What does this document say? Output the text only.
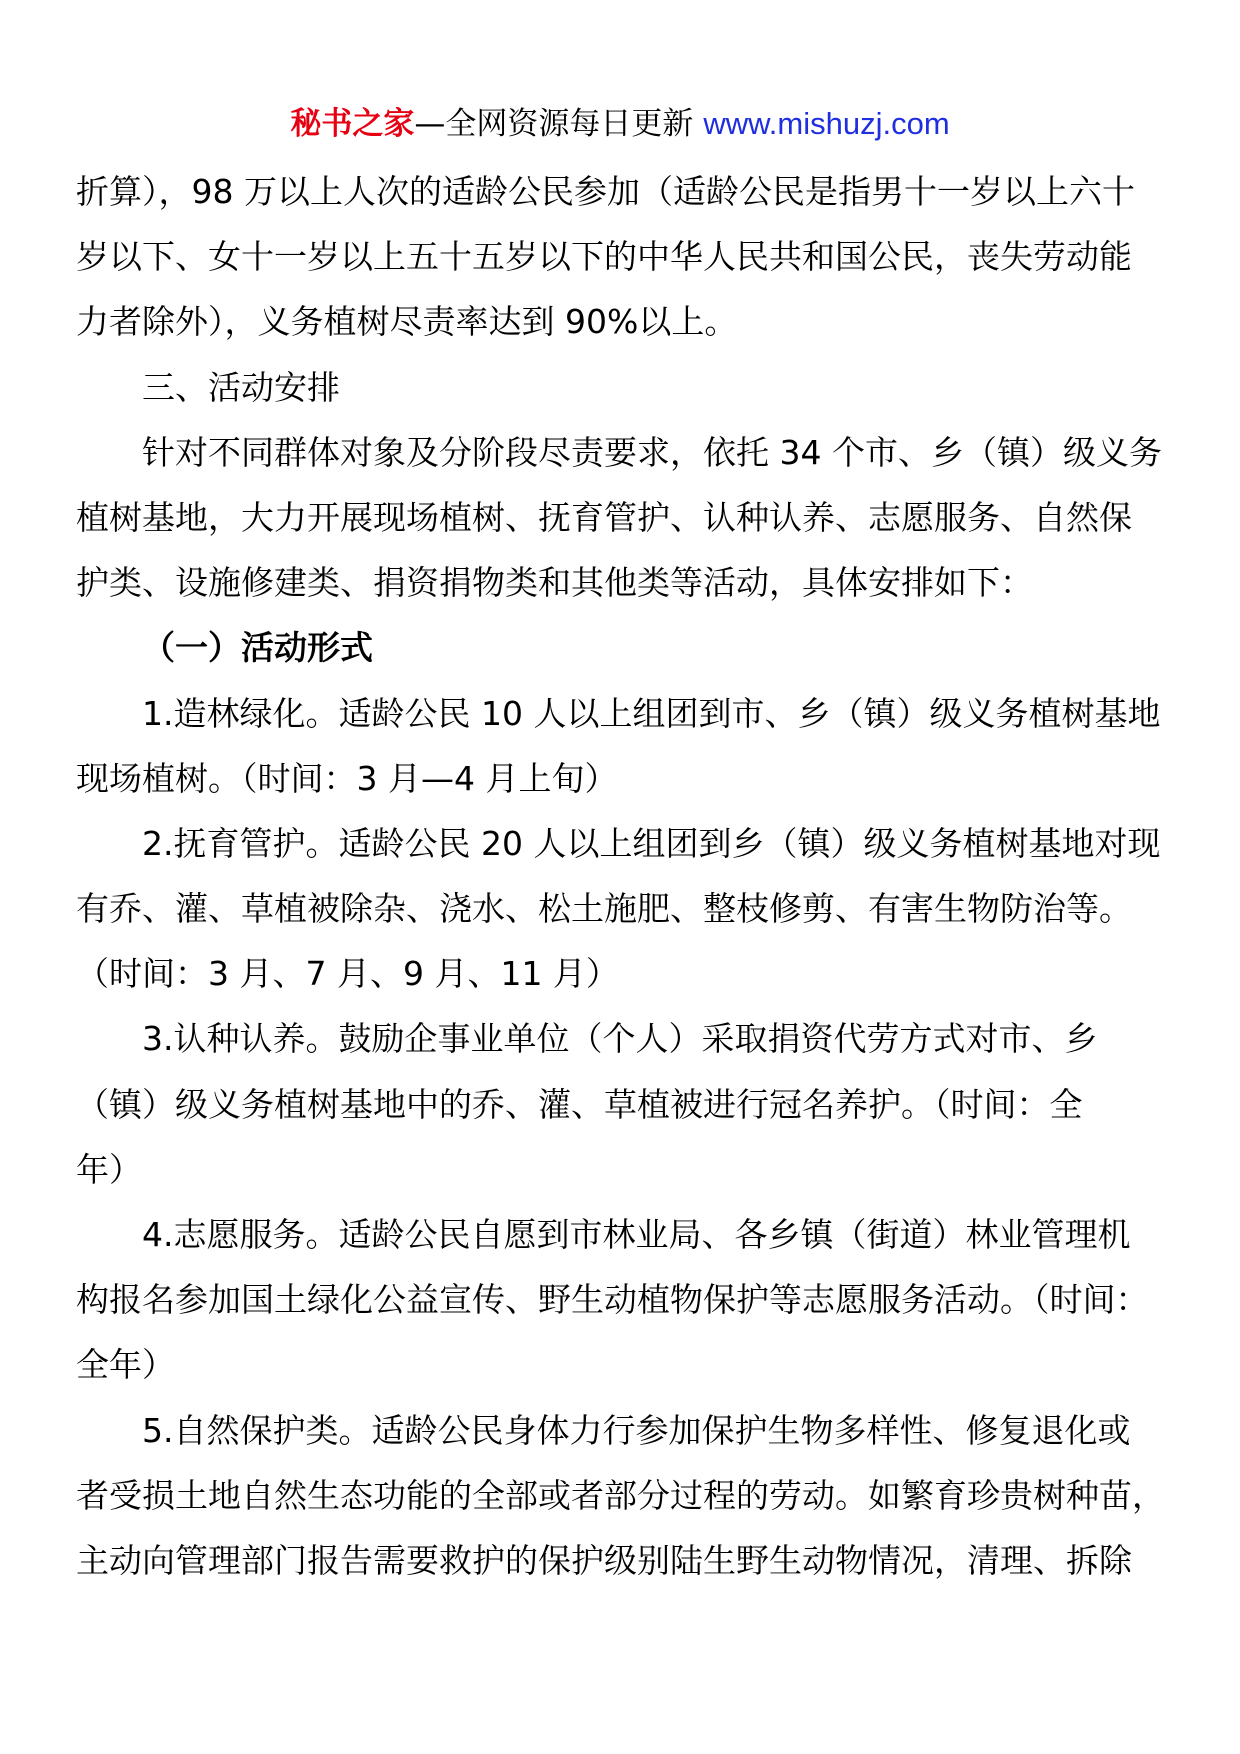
秘书之家—全网资源每日更新 www.mishuzj.com
折算），98 万以上人次的适龄公民参加（适龄公民是指男十一岁以上六十
岁以下、女十一岁以上五十五岁以下的中华人民共和国公民，丧失劳动能
力者除外），义务植树尽责率达到 90%以上。
三、活动安排
针对不同群体对象及分阶段尽责要求，依托 34 个市、乡（镇）级义务
植树基地，大力开展现场植树、抚育管护、认种认养、志愿服务、自然保
护类、设施修建类、捐资捐物类和其他类等活动，具体安排如下：
（一）活动形式
1.造林绿化。适龄公民 10 人以上组团到市、乡（镇）级义务植树基地
现场植树。（时间：3 月—4 月上旬）
2.抚育管护。适龄公民 20 人以上组团到乡（镇）级义务植树基地对现
有乔、灌、草植被除杂、浇水、松土施肥、整枝修剪、有害生物防治等。
（时间：3 月、7 月、9 月、11 月）
3.认种认养。鼓励企事业单位（个人）采取捐资代劳方式对市、乡
（镇）级义务植树基地中的乔、灌、草植被进行冠名养护。（时间：全
年）
4.志愿服务。适龄公民自愿到市林业局、各乡镇（街道）林业管理机
构报名参加国土绿化公益宣传、野生动植物保护等志愿服务活动。（时间：
全年）
5.自然保护类。适龄公民身体力行参加保护生物多样性、修复退化或
者受损土地自然生态功能的全部或者部分过程的劳动。如繁育珍贵树种苗，
主动向管理部门报告需要救护的保护级别陆生野生动物情况，清理、拆除
